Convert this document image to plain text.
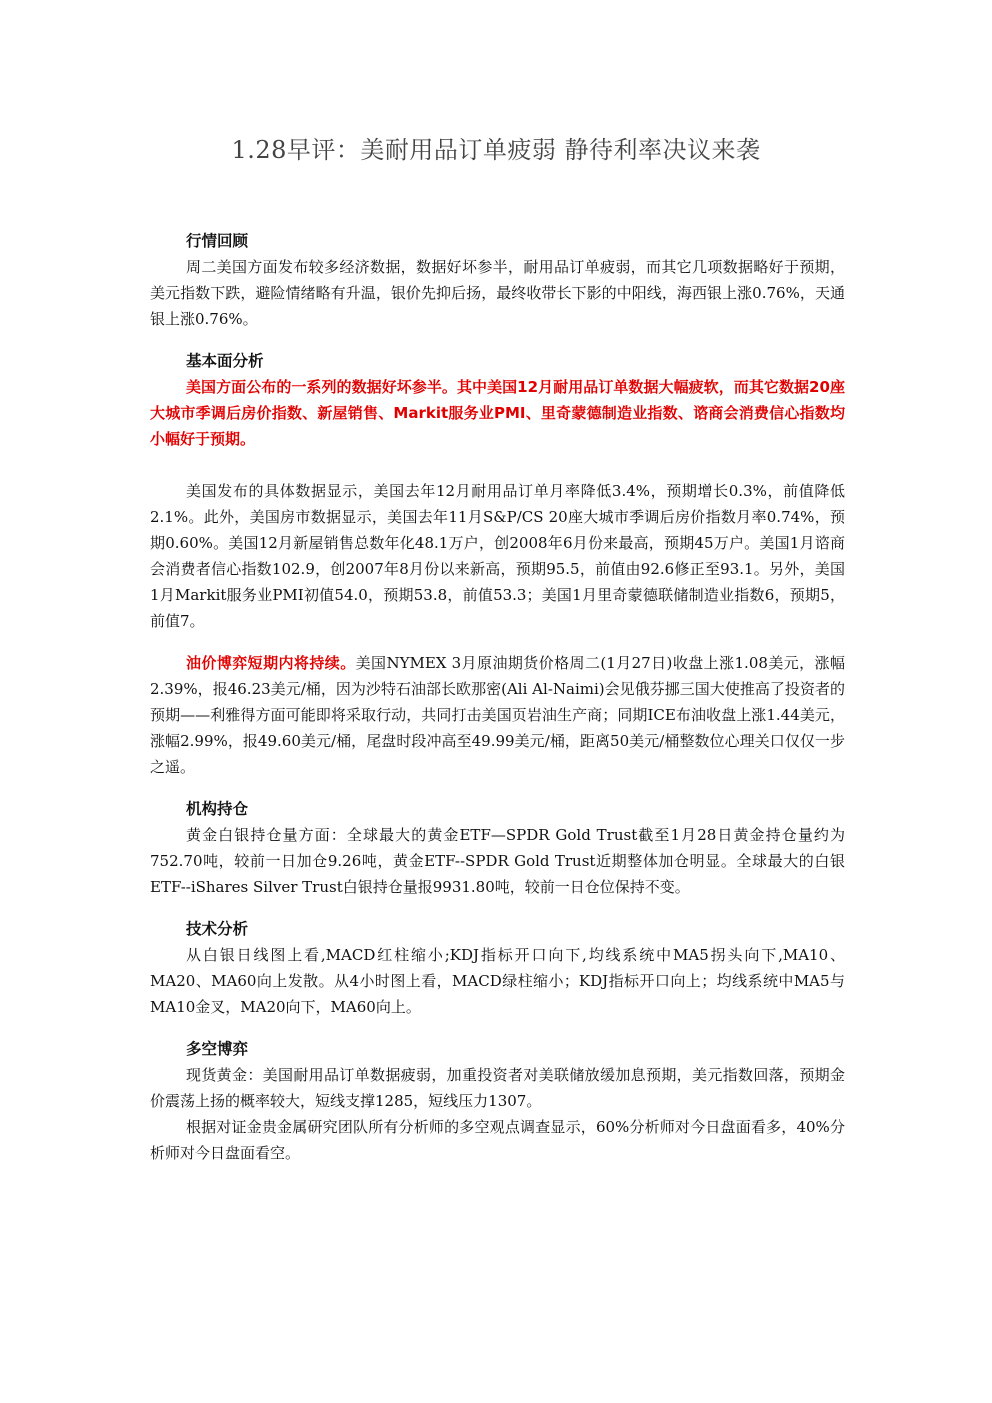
1.28早评：美耐用品订单疲弱 静待利率决议来袭
行情回顾

周二美国方面发布较多经济数据，数据好坏参半，耐用品订单疲弱，而其它几项数据略好于预期，美元指数下跌，避险情绪略有升温，银价先抑后扬，最终收带长下影的中阳线，海西银上涨0.76%，天通银上涨0.76%。

基本面分析

美国方面公布的一系列的数据好坏参半。其中美国12月耐用品订单数据大幅疲软，而其它数据20座大城市季调后房价指数、新屋销售、Markit服务业PMI、里奇蒙德制造业指数、谘商会消费信心指数均小幅好于预期。

美国发布的具体数据显示，美国去年12月耐用品订单月率降低3.4%，预期增长0.3%，前值降低2.1%。此外，美国房市数据显示，美国去年11月S&P/CS 20座大城市季调后房价指数月率0.74%，预期0.60%。美国12月新屋销售总数年化48.1万户，创2008年6月份来最高，预期45万户。美国1月谘商会消费者信心指数102.9，创2007年8月份以来新高，预期95.5，前值由92.6修正至93.1。另外，美国1月Markit服务业PMI初值54.0，预期53.8，前值53.3；美国1月里奇蒙德联储制造业指数6，预期5，前值7。

油价博弈短期内将持续。美国NYMEX 3月原油期货价格周二(1月27日)收盘上涨1.08美元，涨幅2.39%，报46.23美元/桶，因为沙特石油部长欧那密(Ali Al-Naimi)会见俄芬挪三国大使推高了投资者的预期——利雅得方面可能即将采取行动，共同打击美国页岩油生产商；同期ICE布油收盘上涨1.44美元，涨幅2.99%，报49.60美元/桶，尾盘时段冲高至49.99美元/桶，距离50美元/桶整数位心理关口仅仅一步之遥。

机构持仓

黄金白银持仓量方面：全球最大的黄金ETF—SPDR Gold Trust截至1月28日黄金持仓量约为752.70吨，较前一日加仓9.26吨，黄金ETF--SPDR Gold Trust近期整体加仓明显。全球最大的白银ETF--iShares Silver Trust白银持仓量报9931.80吨，较前一日仓位保持不变。

技术分析

从白银日线图上看,MACD红柱缩小;KDJ指标开口向下,均线系统中MA5拐头向下,MA10、MA20、MA60向上发散。从4小时图上看，MACD绿柱缩小；KDJ指标开口向上；均线系统中MA5与MA10金叉，MA20向下，MA60向上。

多空博弈

现货黄金：美国耐用品订单数据疲弱，加重投资者对美联储放缓加息预期，美元指数回落，预期金价震荡上扬的概率较大，短线支撑1285，短线压力1307。

根据对证金贵金属研究团队所有分析师的多空观点调查显示，60%分析师对今日盘面看多，40%分析师对今日盘面看空。
